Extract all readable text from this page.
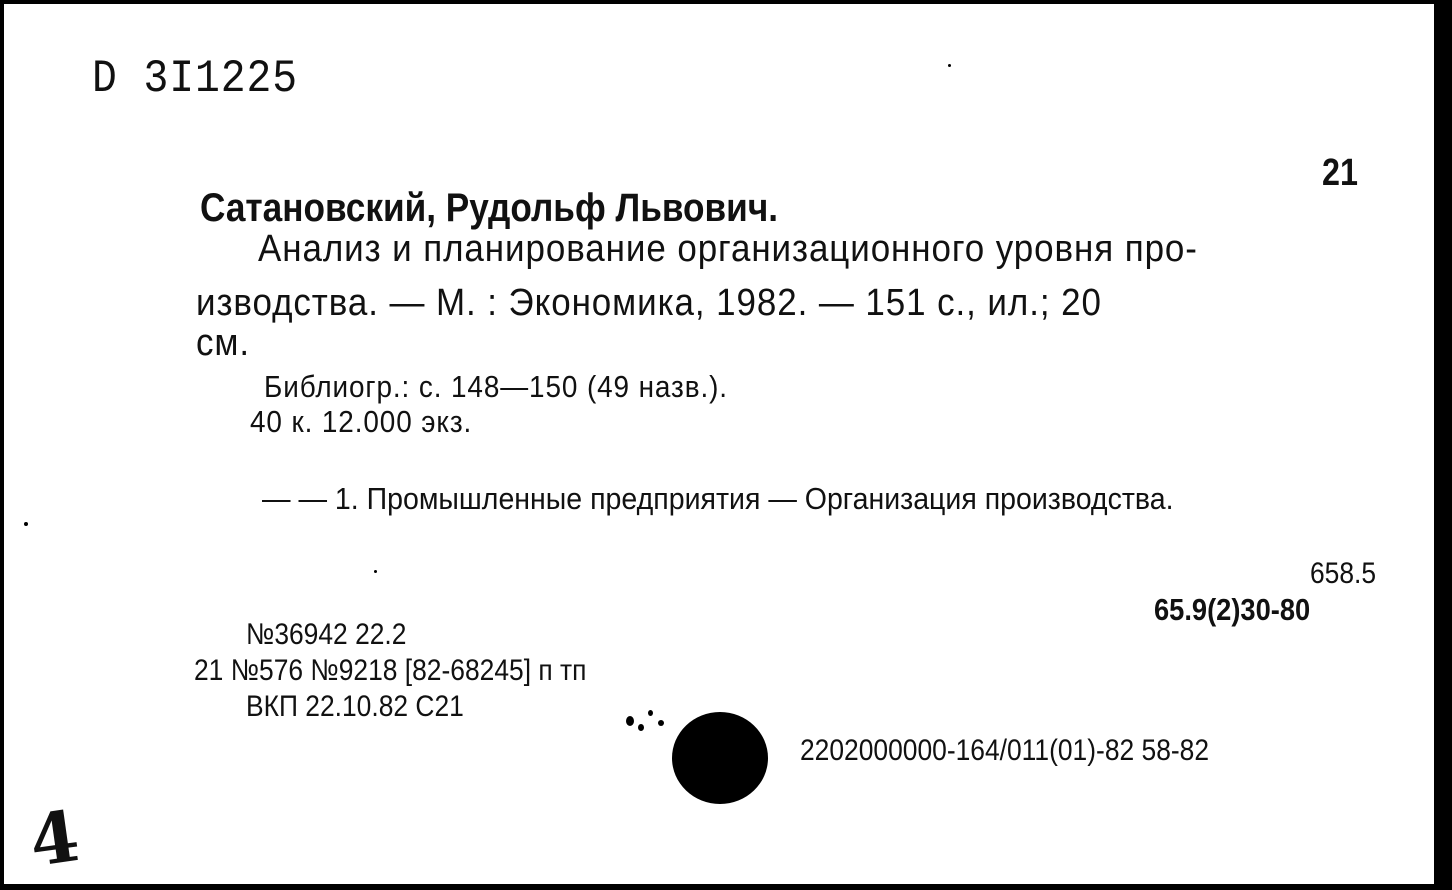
D 3I1225
21
Сатановский, Рудольф Львович.
Анализ и планирование организационного уровня про-
изводства. — М. : Экономика, 1982. — 151 с., ил.; 20
см.
Библиогр.: с. 148—150 (49 назв.).
40 к. 12.000 экз.
— — 1. Промышленные предприятия — Организация производства.
658.5
65.9(2)30-80
№36942 22.2
21 №576 №9218 [82-68245] п тп
ВКП 22.10.82 С21
2202000000-164/011(01)-82 58-82
4
